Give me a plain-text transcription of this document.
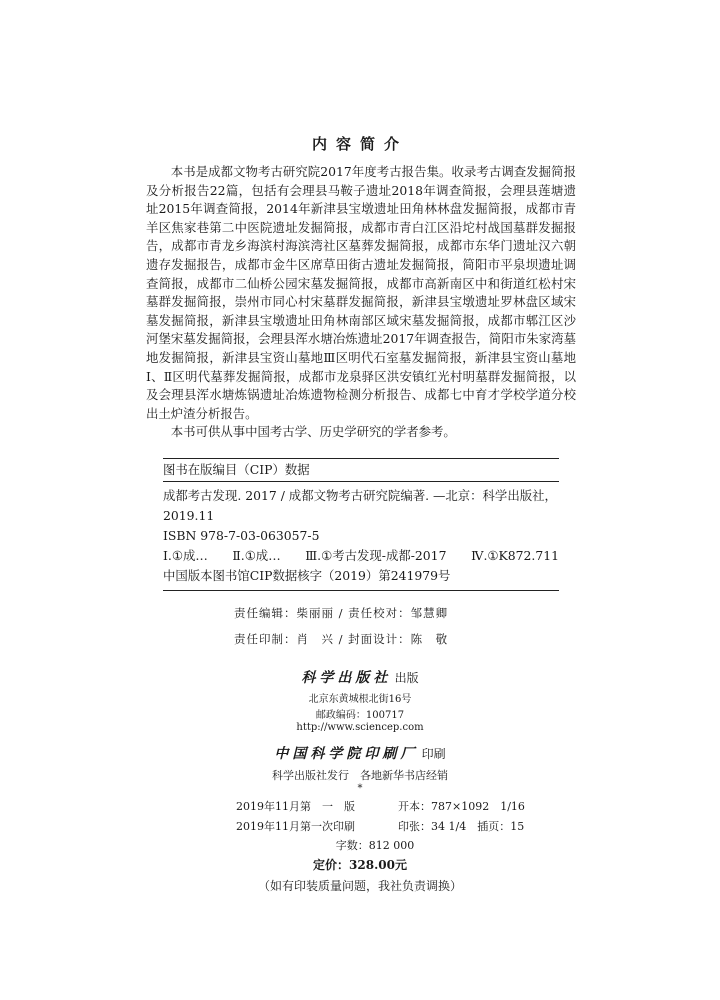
内容简介

本书是成都文物考古研究院2017年度考古报告集。收录考古调查发掘简报及分析报告22篇，包括有会理县马鞍子遗址2018年调查简报，会理县莲塘遗址2015年调查简报，2014年新津县宝墩遗址田角林林盘发掘简报，成都市青羊区焦家巷第二中医院遗址发掘简报，成都市青白江区沿坨村战国墓群发掘报告，成都市青龙乡海滨村海滨湾社区墓葬发掘简报，成都市东华门遗址汉六朝遗存发掘报告，成都市金牛区席草田街古遗址发掘简报，简阳市平泉坝遗址调查简报，成都市二仙桥公园宋墓发掘简报，成都市高新南区中和街道红松村宋墓群发掘简报，崇州市同心村宋墓群发掘简报，新津县宝墩遗址罗林盘区域宋墓发掘简报，新津县宝墩遗址田角林南部区域宋墓发掘简报，成都市郫江区沙河堡宋墓发掘简报，会理县浑水塘冶炼遗址2017年调查报告，简阳市朱家湾墓地发掘简报，新津县宝资山墓地Ⅲ区明代石室墓发掘简报，新津县宝资山墓地Ⅰ、Ⅱ区明代墓葬发掘简报，成都市龙泉驿区洪安镇红光村明墓群发掘简报，以及会理县浑水塘炼锅遗址冶炼遗物检测分析报告、成都七中育才学校学道分校出土炉渣分析报告。

本书可供从事中国考古学、历史学研究的学者参考。

图书在版编目（CIP）数据
成都考古发现. 2017 / 成都文物考古研究院编著. —北京：科学出版社，
2019.11
ISBN 978-7-03-063057-5
Ⅰ.①成… Ⅱ.①成… Ⅲ.①考古发现-成都-2017 Ⅳ.①K872.711
中国版本图书馆CIP数据核字（2019）第241979号
责任编辑：柴丽丽 / 责任校对：邹慧卿
责任印制：肖　兴 / 封面设计：陈　敬
科学出版社 出版
北京东黄城根北街16号
邮政编码：100717
http://www.sciencep.com
中国科学院印刷厂 印刷
科学出版社发行　各地新华书店经销
*
2019年11月第　一　版	开本：787×1092　1/16
2019年11月第一次印刷	印张：34 1/4　插页：15
字数：812 000
定价：328.00元
（如有印装质量问题，我社负责调换）
